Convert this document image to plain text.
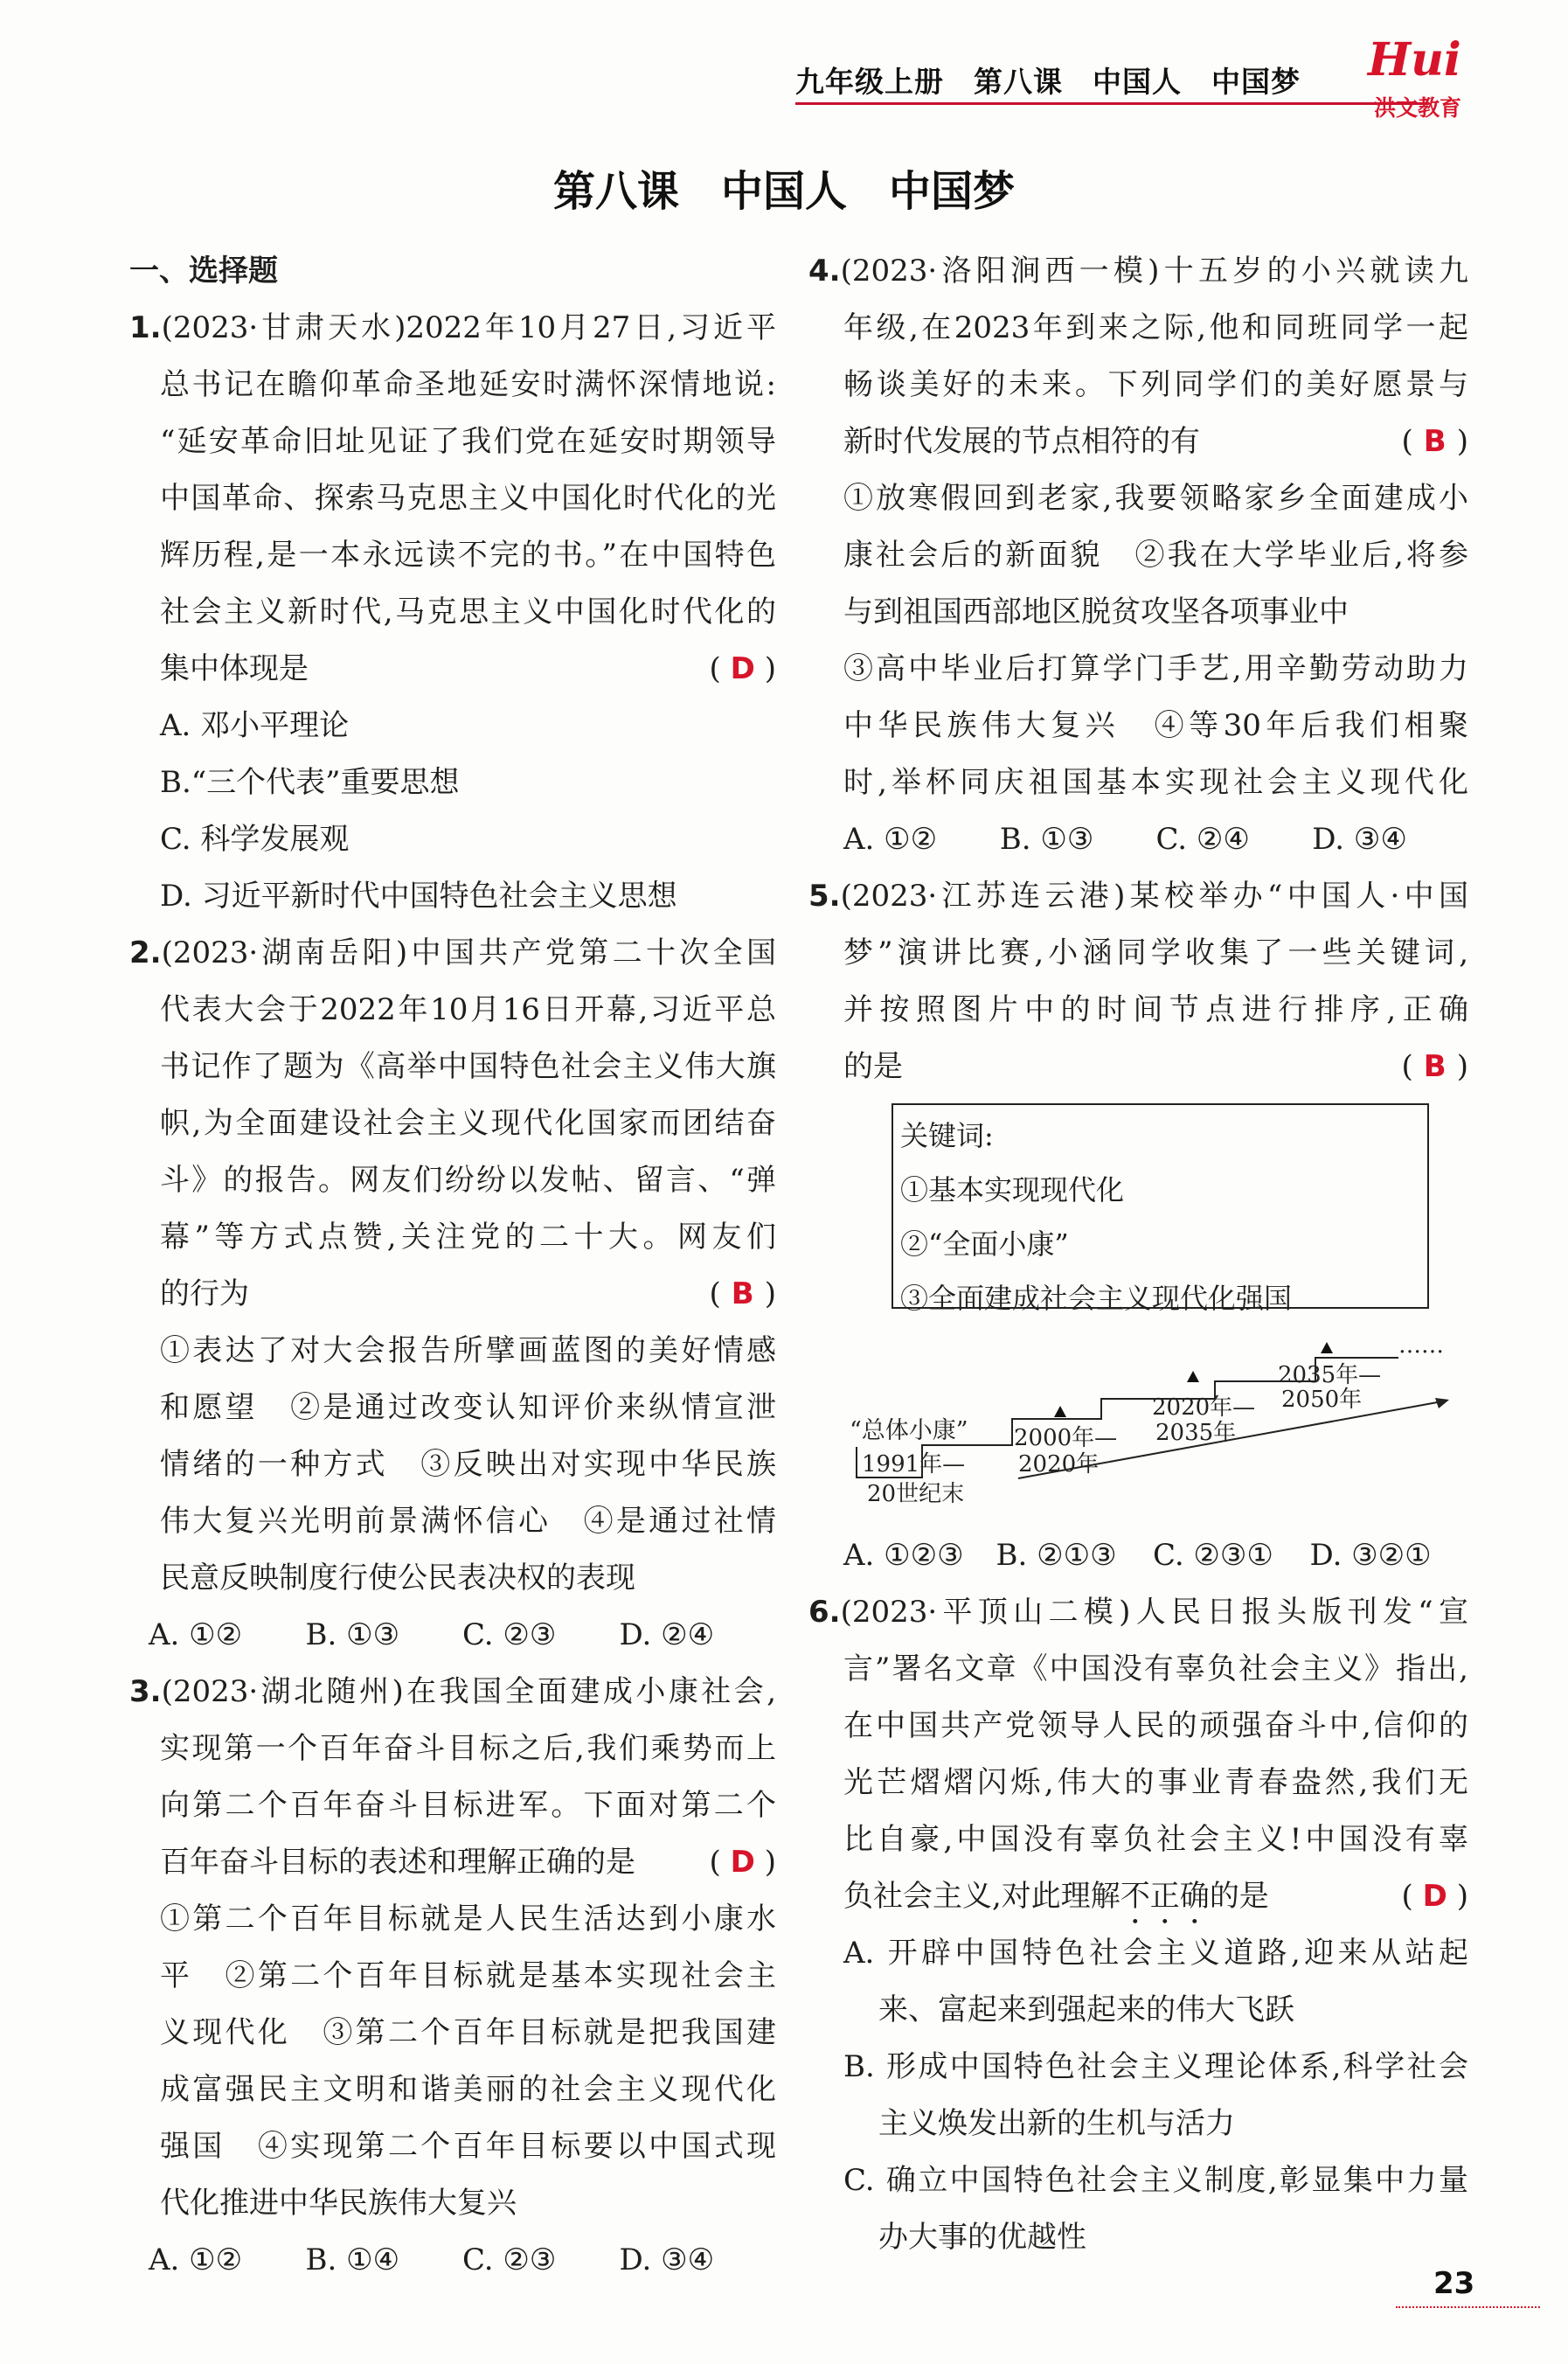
九年级上册　第八课　中国人　中国梦 Hui
洪文教育
第八课　中国人　中国梦
一、选择题
1.(2023·甘肃天水)2022年10月27日,习近平
总书记在瞻仰革命圣地延安时满怀深情地说:
“延安革命旧址见证了我们党在延安时期领导
中国革命、探索马克思主义中国化时代化的光
辉历程,是一本永远读不完的书。”在中国特色
社会主义新时代,马克思主义中国化时代化的
集中体现是	( D )
A. 邓小平理论
B.“三个代表”重要思想
C. 科学发展观
D. 习近平新时代中国特色社会主义思想
2.(2023·湖南岳阳)中国共产党第二十次全国
代表大会于2022年10月16日开幕,习近平总
书记作了题为《高举中国特色社会主义伟大旗
帜,为全面建设社会主义现代化国家而团结奋
斗》的报告。网友们纷纷以发帖、留言、“弹
幕”等方式点赞,关注党的二十大。网友们
的行为	( B )
①表达了对大会报告所擘画蓝图的美好情感
和愿望　②是通过改变认知评价来纵情宣泄
情绪的一种方式　③反映出对实现中华民族
伟大复兴光明前景满怀信心　④是通过社情
民意反映制度行使公民表决权的表现
A. ①②	B. ①③	C. ②③	D. ②④
3.(2023·湖北随州)在我国全面建成小康社会,
实现第一个百年奋斗目标之后,我们乘势而上
向第二个百年奋斗目标进军。下面对第二个
百年奋斗目标的表述和理解正确的是 ( D )
①第二个百年目标就是人民生活达到小康水
平　②第二个百年目标就是基本实现社会主
义现代化　③第二个百年目标就是把我国建
成富强民主文明和谐美丽的社会主义现代化
强国　④实现第二个百年目标要以中国式现
代化推进中华民族伟大复兴
A. ①②	B. ①④	C. ②③	D. ③④
4.(2023·洛阳涧西一模)十五岁的小兴就读九
年级,在2023年到来之际,他和同班同学一起
畅谈美好的未来。下列同学们的美好愿景与
新时代发展的节点相符的有	( B )
①放寒假回到老家,我要领略家乡全面建成小
康社会后的新面貌　②我在大学毕业后,将参
与到祖国西部地区脱贫攻坚各项事业中
③高中毕业后打算学门手艺,用辛勤劳动助力
中华民族伟大复兴　④等30年后我们相聚
时,举杯同庆祖国基本实现社会主义现代化
A. ①②	B. ①③	C. ②④	D. ③④
5.(2023·江苏连云港)某校举办“中国人·中国
梦”演讲比赛,小涵同学收集了一些关键词,
并按照图片中的时间节点进行排序,正确
的是	( B )
关键词:
①基本实现现代化
②“全面小康”
③全面建成社会主义现代化强国
“总体小康”
1991年—
20世纪末
2000年—
2020年
2020年—
2035年
2035年—
2050年
……
A. ①②③	B. ②①③	C. ②③①	D. ③②①
6.(2023·平顶山二模)人民日报头版刊发“宣
言”署名文章《中国没有辜负社会主义》指出,
在中国共产党领导人民的顽强奋斗中,信仰的
光芒熠熠闪烁,伟大的事业青春盎然,我们无
比自豪,中国没有辜负社会主义!中国没有辜
负社会主义,对此理解不正确的是	( D )
A. 开辟中国特色社会主义道路,迎来从站起
来、富起来到强起来的伟大飞跃
B. 形成中国特色社会主义理论体系,科学社会
主义焕发出新的生机与活力
C. 确立中国特色社会主义制度,彰显集中力量
办大事的优越性
23
